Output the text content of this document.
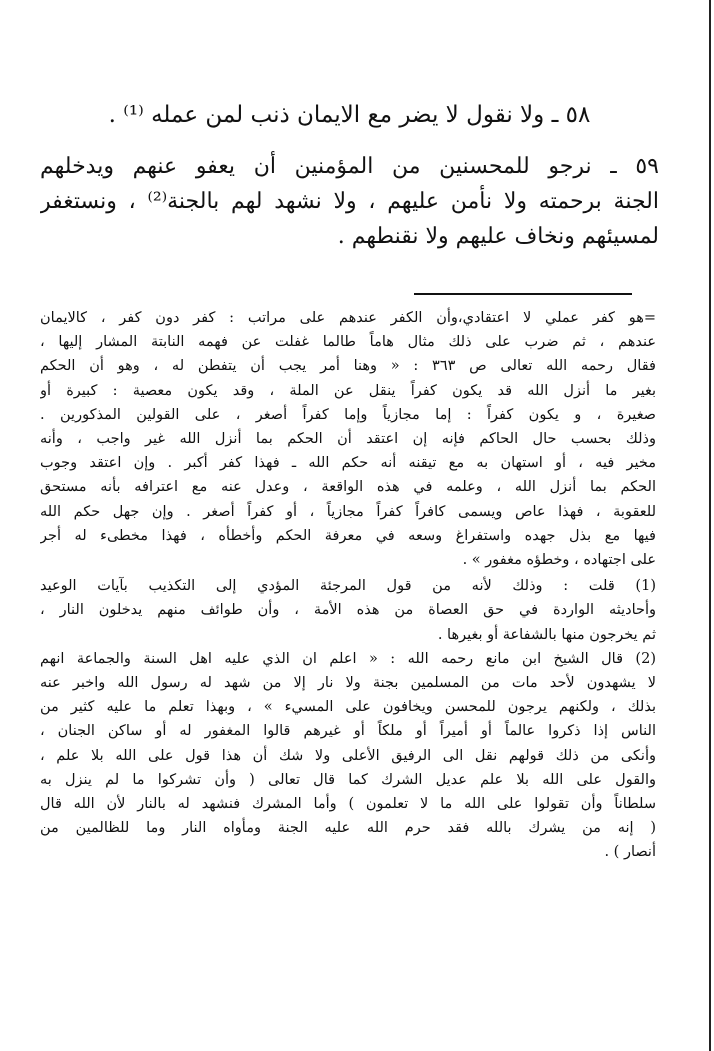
٥٨ ـ ولا نقول لا يضر مع الايمان ذنب لمن عمله ⁽¹⁾ .

٥٩ ـ نرجو للمحسنين من المؤمنين أن يعفو عنهم ويدخلهم

الجنة برحمته ولا نأمن عليهم ، ولا نشهد لهم بالجنة⁽²⁾ ، ونستغفر

لمسيئهم ونخاف عليهم ولا نقنطهم .

=هو كفر عملي لا اعتقادي،وأن الكفر عندهم على مراتب : كفر دون كفر ، كالايمان

عندهم ، ثم ضرب على ذلك مثال هاماً طالما غفلت عن فهمه النابتة المشار إليها ،

فقال رحمه الله تعالى ص ٣٦٣ : « وهنا أمر يجب أن يتفطن له ، وهو أن الحكم

بغير ما أنزل الله قد يكون كفراً ينقل عن الملة ، وقد يكون معصية : كبيرة أو

صغيرة ، و يكون كفراً : إما مجازياً وإما كفراً أصغر ، على القولين المذكورين .

وذلك بحسب حال الحاكم فإنه إن اعتقد أن الحكم بما أنزل الله غير واجب ، وأنه

مخير فيه ، أو استهان به مع تيقنه أنه حكم الله ـ فهذا كفر أكبر . وإن اعتقد وجوب

الحكم بما أنزل الله ، وعلمه في هذه الواقعة ، وعدل عنه مع اعترافه بأنه مستحق

للعقوبة ، فهذا عاص ويسمى كافراً كفراً مجازياً ، أو كفراً أصغر . وإن جهل حكم الله

فيها مع بذل جهده واستفراغ وسعه في معرفة الحكم وأخطأه ، فهذا مخطىء له أجر

على اجتهاده ، وخطؤه مغفور » .

(1) قلت : وذلك لأنه من قول المرجئة المؤدي إلى التكذيب بآيات الوعيد

وأحاديثه الواردة في حق العصاة من هذه الأمة ، وأن طوائف منهم يدخلون النار ،

ثم يخرجون منها بالشفاعة أو بغيرها .

(2) قال الشيخ ابن مانع رحمه الله : « اعلم ان الذي عليه اهل السنة والجماعة انهم

لا يشهدون لأحد مات من المسلمين بجنة ولا نار إلا من شهد له رسول الله واخبر عنه

بذلك ، ولكنهم يرجون للمحسن ويخافون على المسيء » ، وبهذا تعلم ما عليه كثير من

الناس إذا ذكروا عالماً أو أميراً أو ملكاً أو غيرهم قالوا المغفور له أو ساكن الجنان ،

وأنكى من ذلك قولهم نقل الى الرفيق الأعلى ولا شك أن هذا قول على الله بلا علم ،

والقول على الله بلا علم عديل الشرك كما قال تعالى ( وأن تشركوا ما لم ينزل به

سلطاناً وأن تقولوا على الله ما لا تعلمون ) وأما المشرك فنشهد له بالنار لأن الله قال

( إنه من يشرك بالله فقد حرم الله عليه الجنة ومأواه النار وما للظالمين من

أنصار ) .
